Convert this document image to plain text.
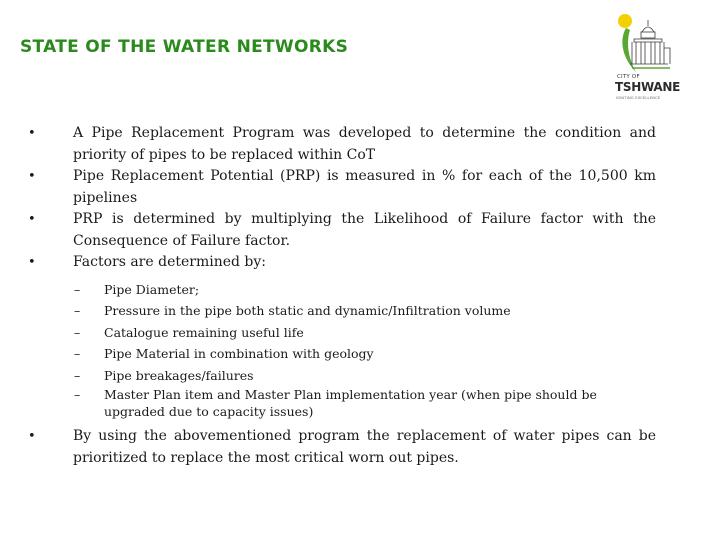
STATE OF THE WATER NETWORKS
CITY OF
TSHWANE
IGNITING EXCELLENCE
•	A Pipe Replacement Program was developed to determine the condition and priority of pipes to be replaced within CoT
•	Pipe Replacement Potential (PRP) is measured in % for each of the 10,500 km pipelines
•	PRP is determined by multiplying the Likelihood of Failure factor with the Consequence of Failure factor.
•	Factors are determined by:
– Pipe Diameter;
– Pressure in the pipe both static and dynamic/Infiltration volume
– Catalogue remaining useful life
– Pipe Material in combination with geology
– Pipe breakages/failures
– Master Plan item and Master Plan implementation year (when pipe should be upgraded due to capacity issues)
•	By using the abovementioned program the replacement of water pipes can be prioritized to replace the most critical worn out pipes.
